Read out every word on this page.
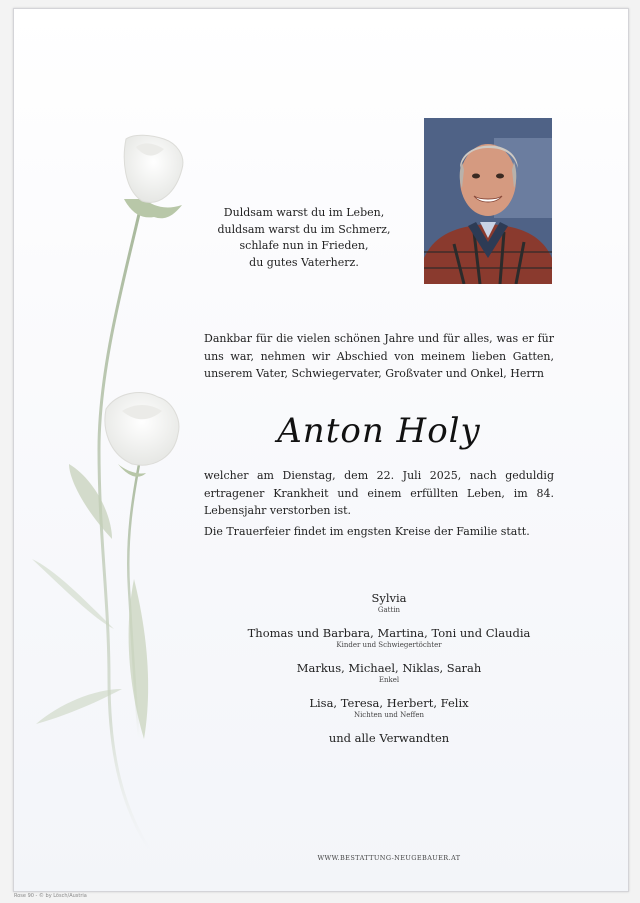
Duldsam warst du im Leben,
duldsam warst du im Schmerz,
schlafe nun in Frieden,
du gutes Vaterherz.
Dankbar für die vielen schönen Jahre und für alles, was er für uns war, nehmen wir Abschied von meinem lieben Gatten, unserem Vater, Schwiegervater, Großvater und Onkel, Herrn
Anton Holy
welcher am Dienstag, dem 22. Juli 2025, nach geduldig ertragener Krankheit und einem erfüllten Leben, im 84. Lebensjahr verstorben ist.
Die Trauerfeier findet im engsten Kreise der Familie statt.
Sylvia
Gattin
Thomas und Barbara, Martina, Toni und Claudia
Kinder und Schwiegertöchter
Markus, Michael, Niklas, Sarah
Enkel
Lisa, Teresa, Herbert, Felix
Nichten und Neffen
und alle Verwandten
WWW.BESTATTUNG-NEUGEBAUER.AT
Rose 90 - © by Lösch/Austria
